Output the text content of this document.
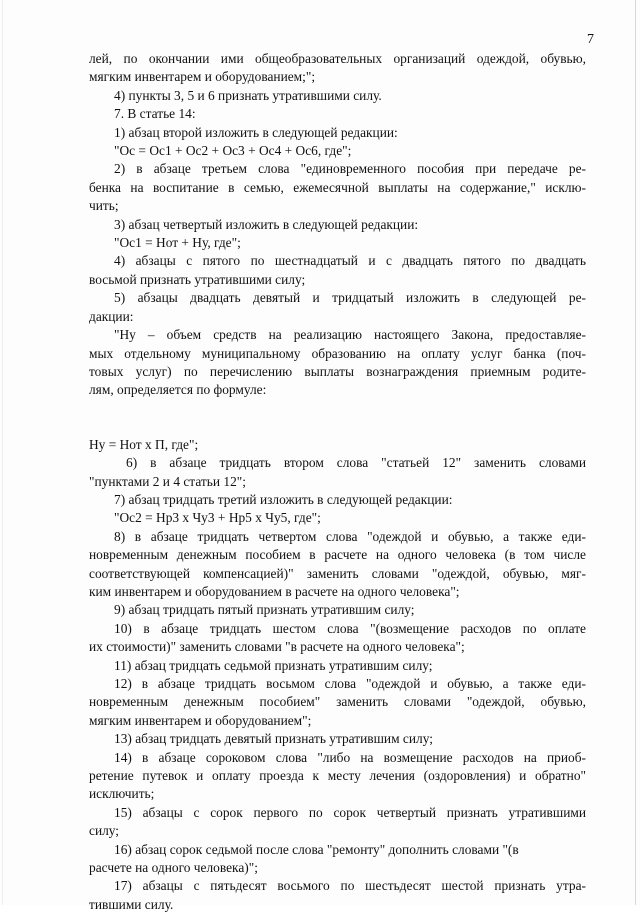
7

лей, по окончании ими общеобразовательных организаций одеждой, обувью,

мягким инвентарем и оборудованием;";

4) пункты 3, 5 и 6 признать утратившими силу.

7. В статье 14:

1) абзац второй изложить в следующей редакции:

"Ос = Ос1 + Ос2 + Ос3 + Ос4 + Ос6, где";

2) в абзаце третьем слова "единовременного пособия при передаче ре-

бенка на воспитание в семью, ежемесячной выплаты на содержание," исклю-

чить;

3) абзац четвертый изложить в следующей редакции:

"Ос1 = Нот + Ну, где";

4) абзацы с пятого по шестнадцатый и с двадцать пятого по двадцать

восьмой признать утратившими силу;

5) абзацы двадцать девятый и тридцатый изложить в следующей ре-

дакции:

"Ну – объем средств на реализацию настоящего Закона, предоставляе-

мых отдельному муниципальному образованию на оплату услуг банка (поч-

товых услуг) по перечислению выплаты вознаграждения приемным родите-

лям, определяется по формуле:

Ну = Нот х П, где";

6) в абзаце тридцать втором слова "статьей 12" заменить словами

"пунктами 2 и 4 статьи 12";

7) абзац тридцать третий изложить в следующей редакции:

"Ос2 = Нр3 х Чу3 + Нр5 х Чу5, где";

8) в абзаце тридцать четвертом слова "одеждой и обувью, а также еди-

новременным денежным пособием в расчете на одного человека (в том числе

соответствующей компенсацией)" заменить словами "одеждой, обувью, мяг-

ким инвентарем и оборудованием в расчете на одного человека";

9) абзац тридцать пятый признать утратившим силу;

10) в абзаце тридцать шестом слова "(возмещение расходов по оплате

их стоимости)" заменить словами "в расчете на одного человека";

11) абзац тридцать седьмой признать утратившим силу;

12) в абзаце тридцать восьмом слова "одеждой и обувью, а также еди-

новременным денежным пособием" заменить словами "одеждой, обувью,

мягким инвентарем и оборудованием";

13) абзац тридцать девятый признать утратившим силу;

14) в абзаце сороковом слова "либо на возмещение расходов на приоб-

ретение путевок и оплату проезда к месту лечения (оздоровления) и обратно"

исключить;

15) абзацы с сорок первого по сорок четвертый признать утратившими

силу;

16) абзац сорок седьмой после слова "ремонту" дополнить словами "(в

расчете на одного человека)";

17) абзацы с пятьдесят восьмого по шестьдесят шестой признать утра-

тившими силу.
